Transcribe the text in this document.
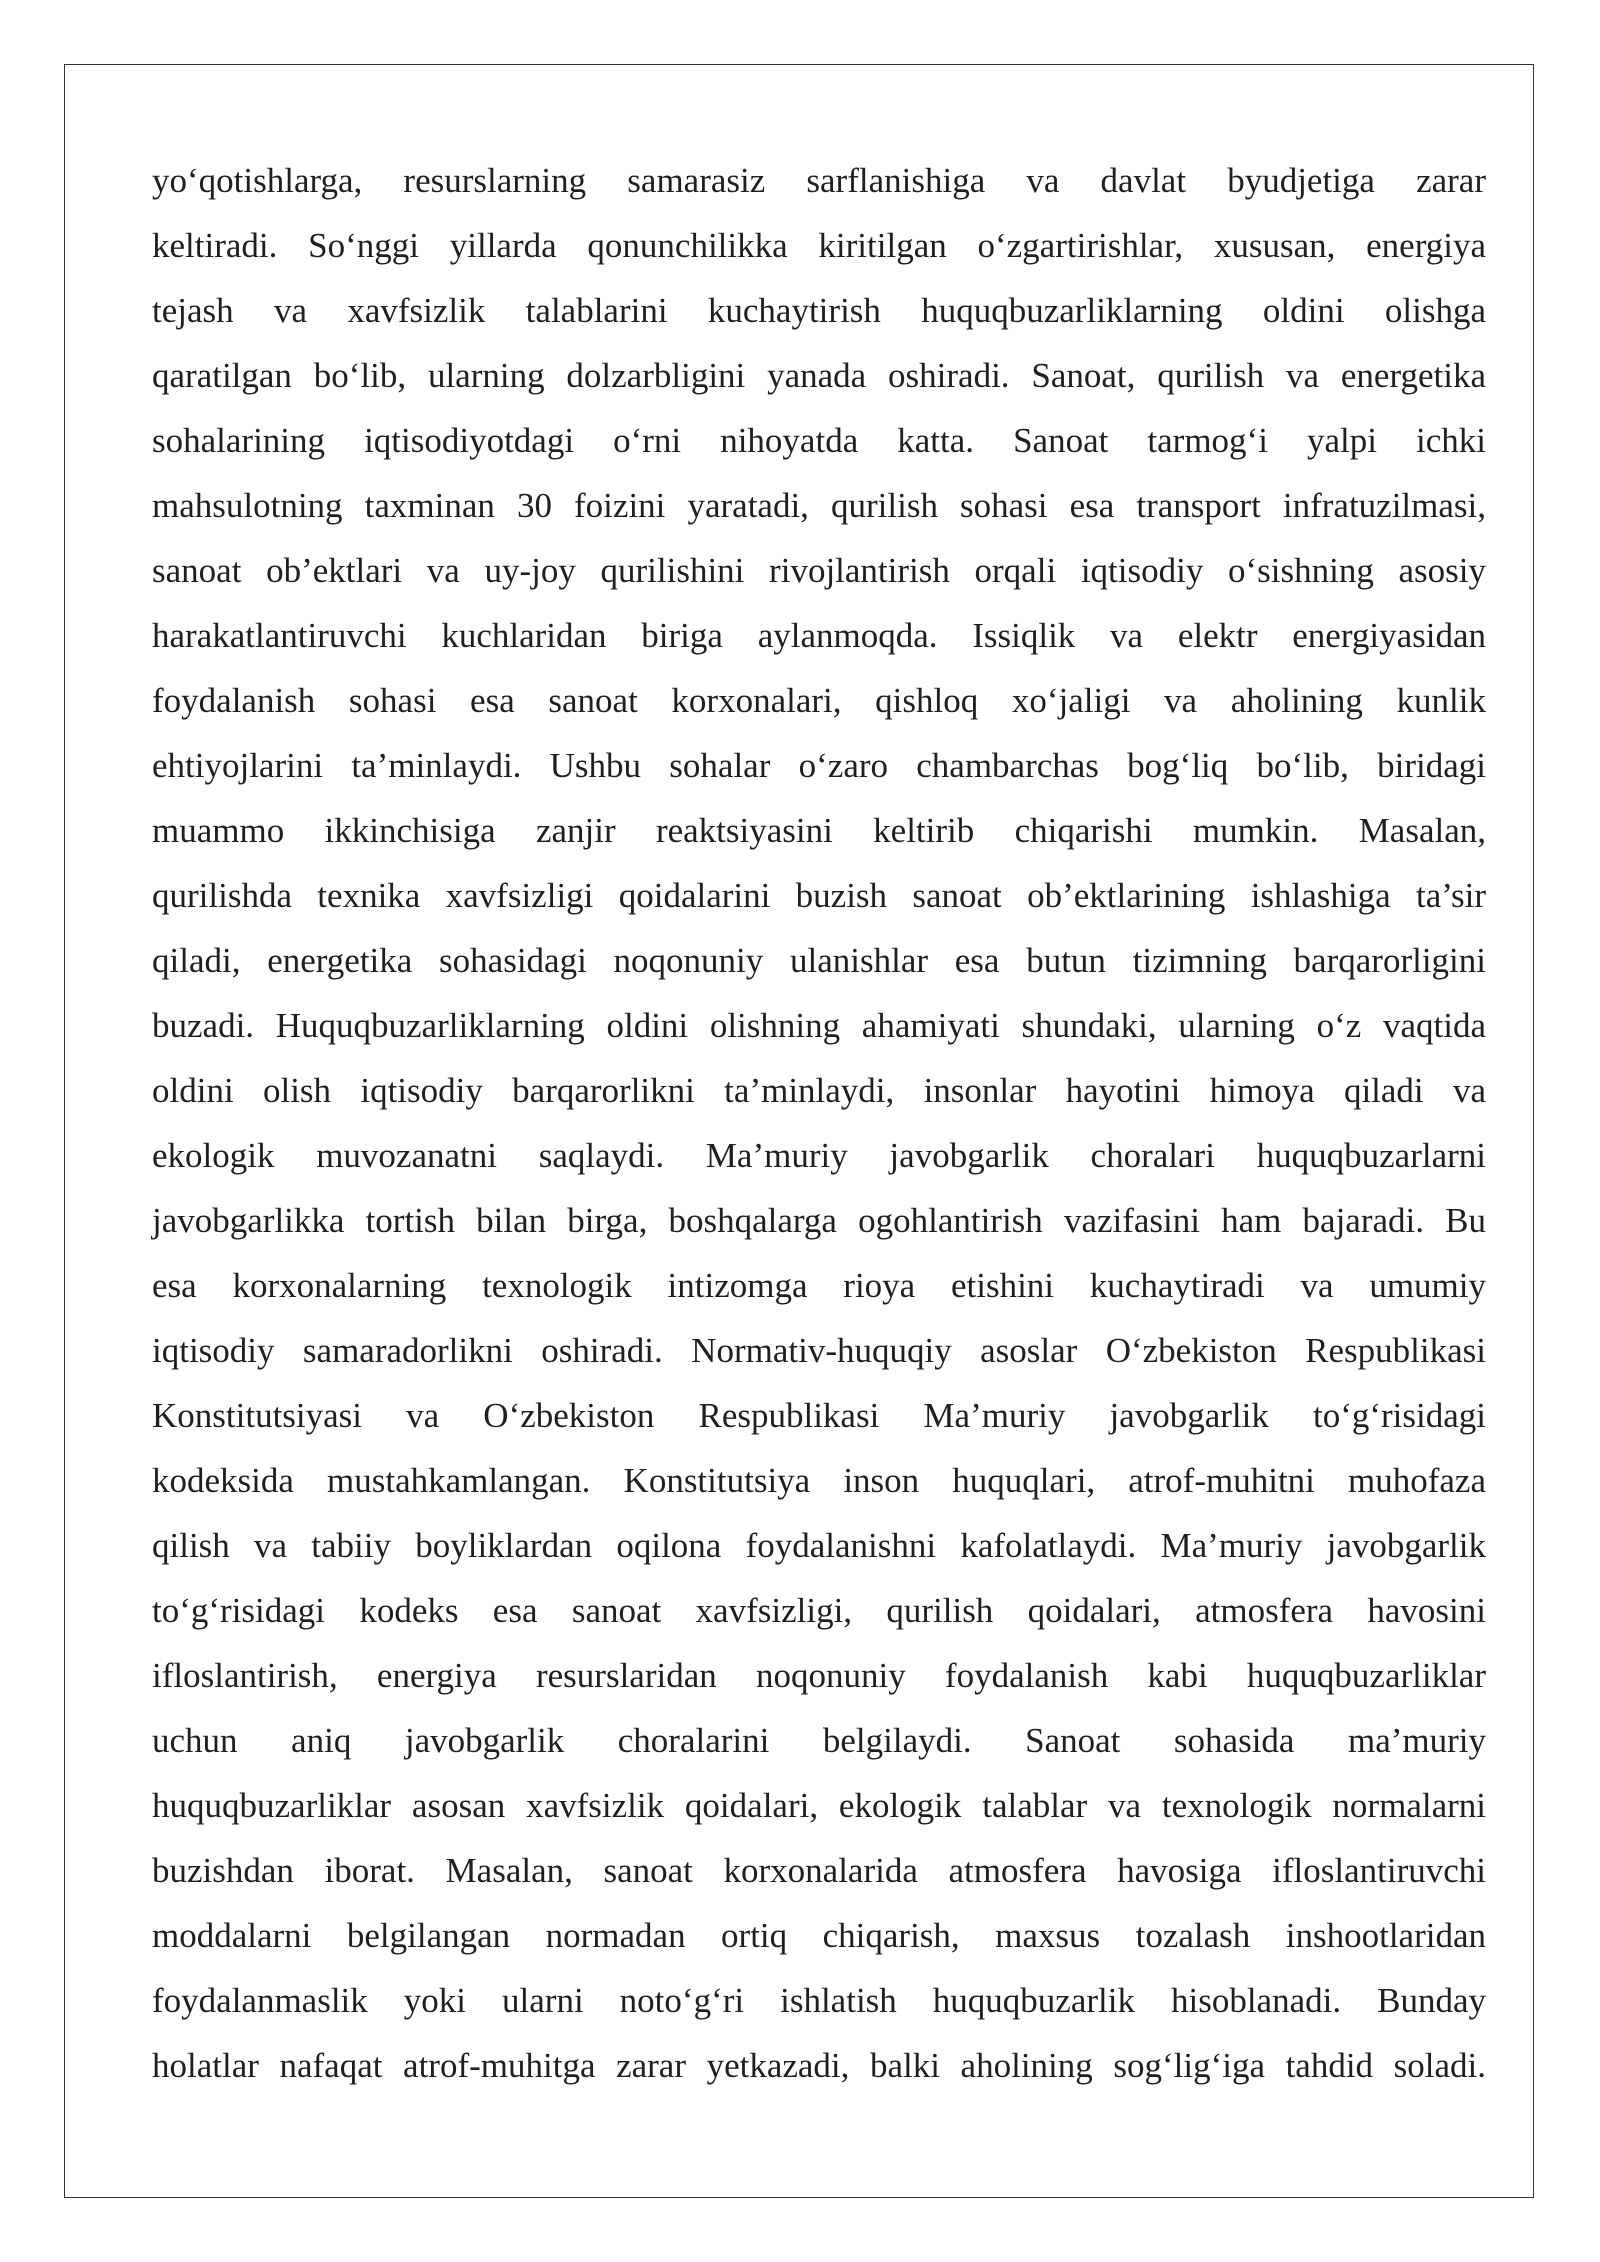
yo‘qotishlarga, resurslarning samarasiz sarflanishiga va davlat byudjetiga zarar
keltiradi. So‘nggi yillarda qonunchilikka kiritilgan o‘zgartirishlar, xususan, energiya
tejash va xavfsizlik talablarini kuchaytirish huquqbuzarliklarning oldini olishga
qaratilgan bo‘lib, ularning dolzarbligini yanada oshiradi. Sanoat, qurilish va energetika
sohalarining iqtisodiyotdagi o‘rni nihoyatda katta. Sanoat tarmog‘i yalpi ichki
mahsulotning taxminan 30 foizini yaratadi, qurilish sohasi esa transport infratuzilmasi,
sanoat ob’ektlari va uy-joy qurilishini rivojlantirish orqali iqtisodiy o‘sishning asosiy
harakatlantiruvchi kuchlaridan biriga aylanmoqda. Issiqlik va elektr energiyasidan
foydalanish sohasi esa sanoat korxonalari, qishloq xo‘jaligi va aholining kunlik
ehtiyojlarini ta’minlaydi. Ushbu sohalar o‘zaro chambarchas bog‘liq bo‘lib, biridagi
muammo ikkinchisiga zanjir reaktsiyasini keltirib chiqarishi mumkin. Masalan,
qurilishda texnika xavfsizligi qoidalarini buzish sanoat ob’ektlarining ishlashiga ta’sir
qiladi, energetika sohasidagi noqonuniy ulanishlar esa butun tizimning barqarorligini
buzadi. Huquqbuzarliklarning oldini olishning ahamiyati shundaki, ularning o‘z vaqtida
oldini olish iqtisodiy barqarorlikni ta’minlaydi, insonlar hayotini himoya qiladi va
ekologik muvozanatni saqlaydi. Ma’muriy javobgarlik choralari huquqbuzarlarni
javobgarlikka tortish bilan birga, boshqalarga ogohlantirish vazifasini ham bajaradi. Bu
esa korxonalarning texnologik intizomga rioya etishini kuchaytiradi va umumiy
iqtisodiy samaradorlikni oshiradi. Normativ-huquqiy asoslar O‘zbekiston Respublikasi
Konstitutsiyasi va O‘zbekiston Respublikasi Ma’muriy javobgarlik to‘g‘risidagi
kodeksida mustahkamlangan. Konstitutsiya inson huquqlari, atrof-muhitni muhofaza
qilish va tabiiy boyliklardan oqilona foydalanishni kafolatlaydi. Ma’muriy javobgarlik
to‘g‘risidagi kodeks esa sanoat xavfsizligi, qurilish qoidalari, atmosfera havosini
ifloslantirish, energiya resurslaridan noqonuniy foydalanish kabi huquqbuzarliklar
uchun aniq javobgarlik choralarini belgilaydi. Sanoat sohasida ma’muriy
huquqbuzarliklar asosan xavfsizlik qoidalari, ekologik talablar va texnologik normalarni
buzishdan iborat. Masalan, sanoat korxonalarida atmosfera havosiga ifloslantiruvchi
moddalarni belgilangan normadan ortiq chiqarish, maxsus tozalash inshootlaridan
foydalanmaslik yoki ularni noto‘g‘ri ishlatish huquqbuzarlik hisoblanadi. Bunday
holatlar nafaqat atrof-muhitga zarar yetkazadi, balki aholining sog‘lig‘iga tahdid soladi.
